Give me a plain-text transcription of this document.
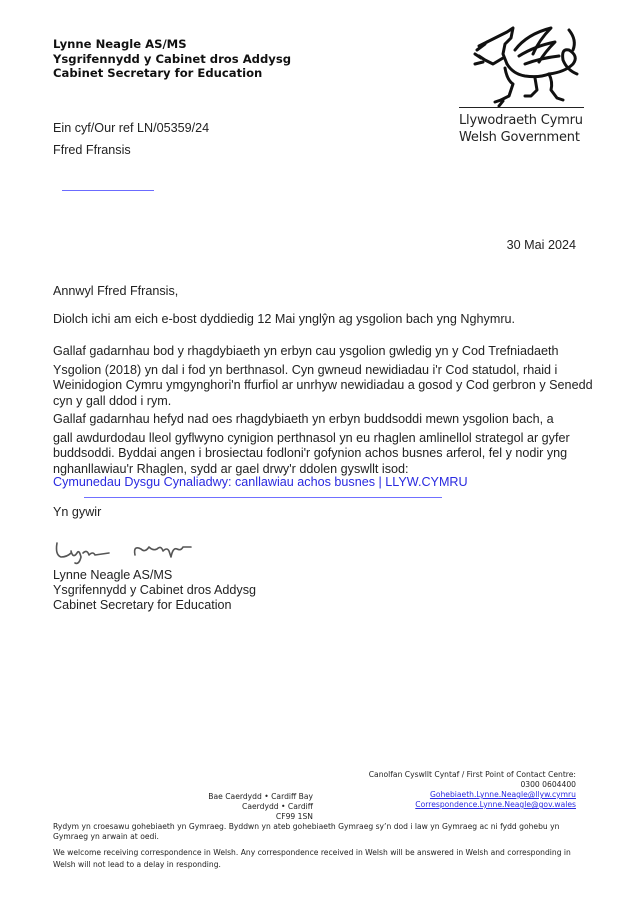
Lynne Neagle AS/MS
Ysgrifennydd y Cabinet dros Addysg
Cabinet Secretary for Education
Llywodraeth Cymru
Welsh Government
Ein cyf/Our ref LN/05359/24
Ffred Ffransis
30 Mai 2024
Annwyl Ffred Ffransis,
Diolch ichi am eich e-bost dyddiedig 12 Mai ynglŷn ag ysgolion bach yng Nghymru.
Gallaf gadarnhau bod y rhagdybiaeth yn erbyn cau ysgolion gwledig yn y Cod Trefniadaeth
Ysgolion (2018) yn dal i fod yn berthnasol. Cyn gwneud newidiadau i'r Cod statudol, rhaid i Weinidogion Cymru ymgynghori'n ffurfiol ar unrhyw newidiadau a gosod y Cod gerbron y Senedd cyn y gall ddod i rym.
Gallaf gadarnhau hefyd nad oes rhagdybiaeth yn erbyn buddsoddi mewn ysgolion bach, a
gall awdurdodau lleol gyflwyno cynigion perthnasol yn eu rhaglen amlinellol strategol ar gyfer buddsoddi. Byddai angen i brosiectau fodloni'r gofynion achos busnes arferol, fel y nodir yng nghanllawiau'r Rhaglen, sydd ar gael drwy'r ddolen gyswllt isod:
Cymunedau Dysgu Cynaliadwy: canllawiau achos busnes | LLYW.CYMRU
Yn gywir
Lynne Neagle AS/MS
Ysgrifennydd y Cabinet dros Addysg
Cabinet Secretary for Education
Canolfan Cyswllt Cyntaf / First Point of Contact Centre:
0300 0604400
Gohebiaeth.Lynne.Neagle@llyw.cymru
Correspondence.Lynne.Neagle@gov.wales
Bae Caerdydd • Cardiff Bay
Caerdydd • Cardiff
CF99 1SN
Rydym yn croesawu gohebiaeth yn Gymraeg. Byddwn yn ateb gohebiaeth Gymraeg sy’n dod i law yn Gymraeg ac ni fydd gohebu yn Gymraeg yn arwain at oedi.
We welcome receiving correspondence in Welsh. Any correspondence received in Welsh will be answered in Welsh and corresponding in Welsh will not lead to a delay in responding.
